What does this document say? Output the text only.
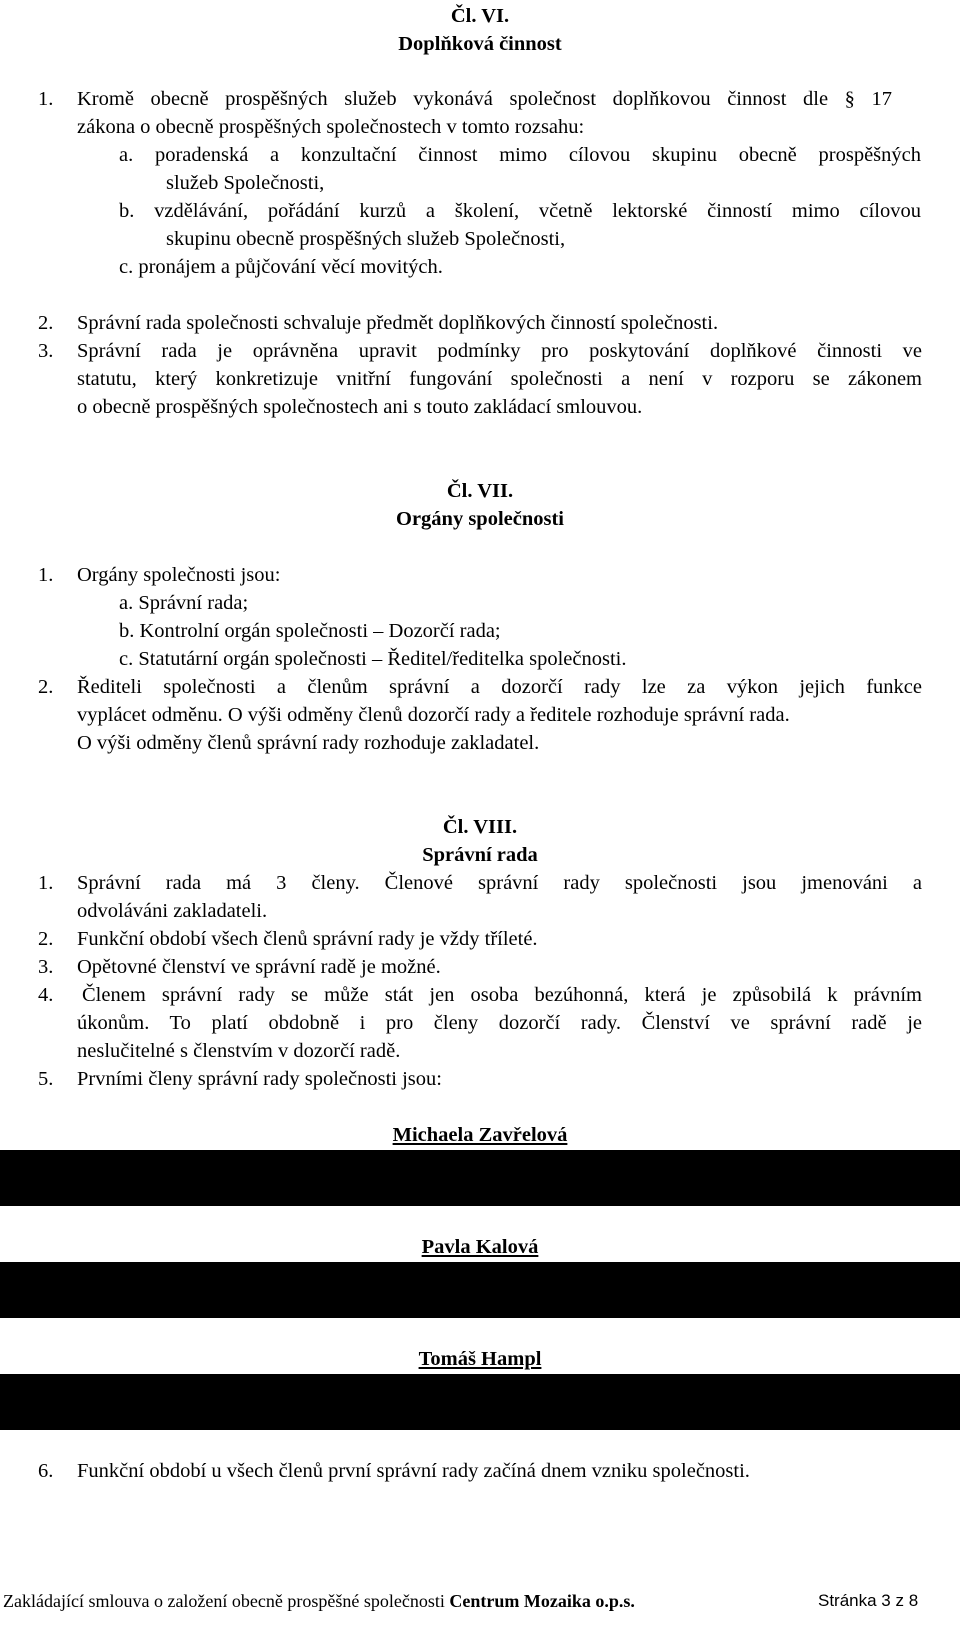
Čl. VI.
Doplňková činnost
1. Kromě obecně prospěšných služeb vykonává společnost doplňkovou činnost dle § 17
zákona o obecně prospěšných společnostech v tomto rozsahu:
a. poradenská a konzultační činnost mimo cílovou skupinu obecně prospěšných
služeb Společnosti,
b. vzdělávání, pořádání kurzů a školení, včetně lektorské činností mimo cílovou
skupinu obecně prospěšných služeb Společnosti,
c. pronájem a půjčování věcí movitých.
2. Správní rada společnosti schvaluje předmět doplňkových činností společnosti.
3. Správní rada je oprávněna upravit podmínky pro poskytování doplňkové činnosti ve
statutu, který konkretizuje vnitřní fungování společnosti a není v rozporu se zákonem
o obecně prospěšných společnostech ani s touto zakládací smlouvou.
Čl. VII.
Orgány společnosti
1. Orgány společnosti jsou:
a. Správní rada;
b. Kontrolní orgán společnosti – Dozorčí rada;
c. Statutární orgán společnosti – Ředitel/ředitelka společnosti.
2. Řediteli společnosti a členům správní a dozorčí rady lze za výkon jejich funkce
vyplácet odměnu. O výši odměny členů dozorčí rady a ředitele rozhoduje správní rada.
O výši odměny členů správní rady rozhoduje zakladatel.
Čl. VIII.
Správní rada
1. Správní rada má 3 členy. Členové správní rady společnosti jsou jmenováni a
odvoláváni zakladateli.
2. Funkční období všech členů správní rady je vždy tříleté.
3. Opětovné členství ve správní radě je možné.
4. Členem správní rady se může stát jen osoba bezúhonná, která je způsobilá k právním
úkonům. To platí obdobně i pro členy dozorčí rady. Členství ve správní radě je
neslučitelné s členstvím v dozorčí radě.
5. Prvními členy správní rady společnosti jsou:
Michaela Zavřelová
Pavla Kalová
Tomáš Hampl
6. Funkční období u všech členů první správní rady začíná dnem vzniku společnosti.
Zakládající smlouva o založení obecně prospěšné společnosti Centrum Mozaika o.p.s.	Stránka 3 z 8
